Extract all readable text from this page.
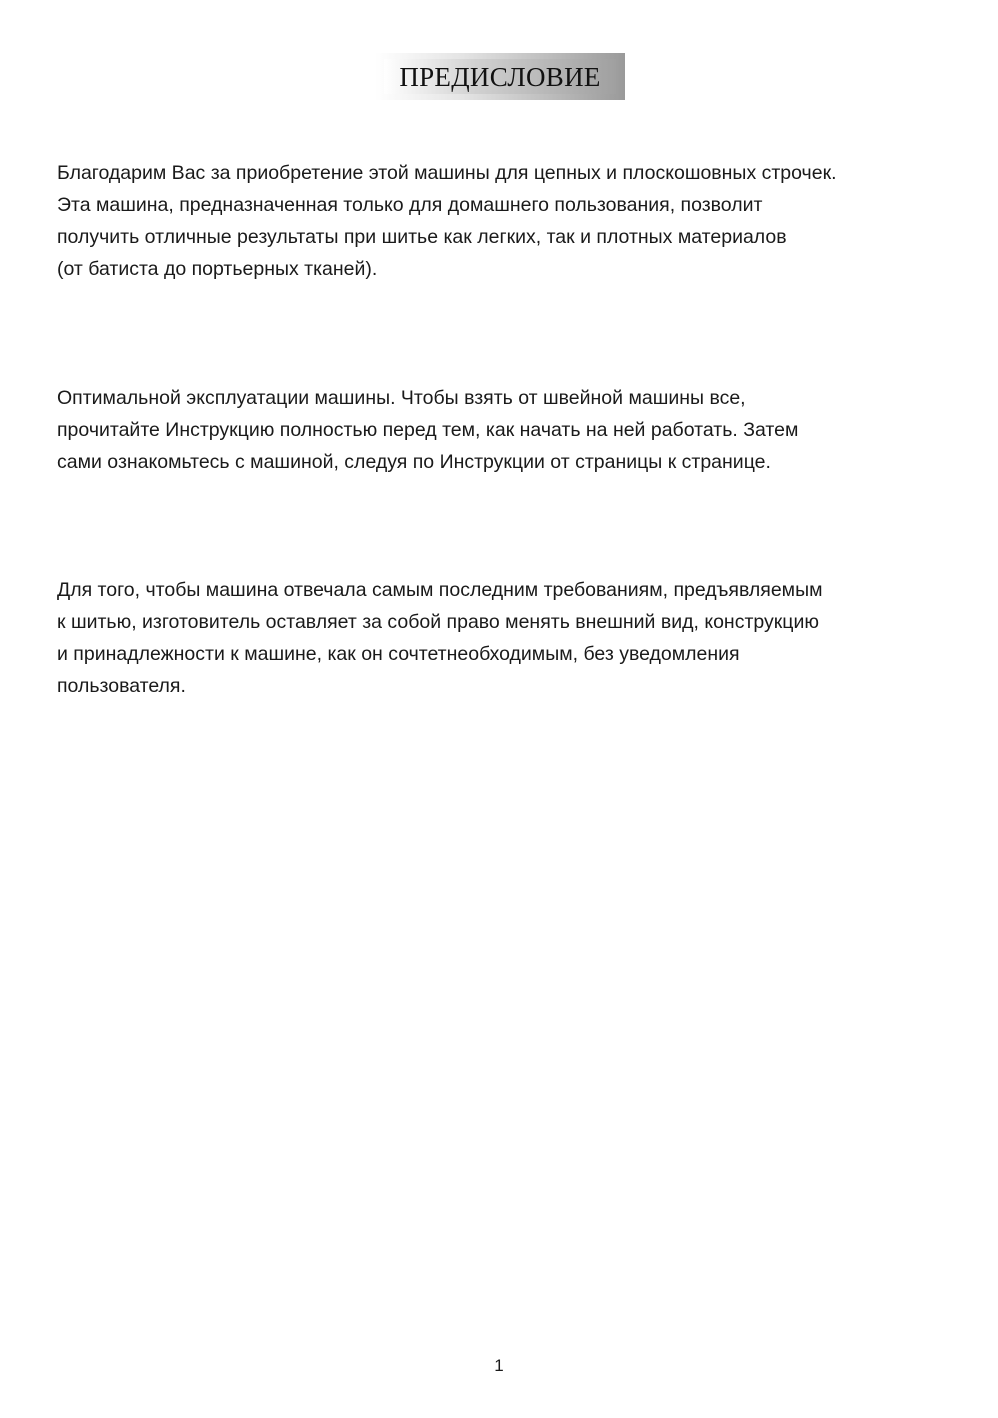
ПРЕДИСЛОВИЕ
Благодарим Вас за приобретение этой машины для цепных и плоскошовных строчек.
Эта машина, предназначенная только для домашнего пользования, позволит
получить отличные результаты при шитье как легких, так и плотных материалов
(от батиста до портьерных тканей).
Оптимальной эксплуатации машины. Чтобы взять от швейной машины все,
прочитайте Инструкцию полностью перед тем, как начать на ней работать. Затем
сами ознакомьтесь с машиной, следуя по Инструкции от страницы к странице.
Для того, чтобы машина отвечала самым последним требованиям, предъявляемым
к шитью, изготовитель оставляет за собой право менять внешний вид, конструкцию
и принадлежности к машине, как он сочтетнеобходимым, без уведомления
пользователя.
1
